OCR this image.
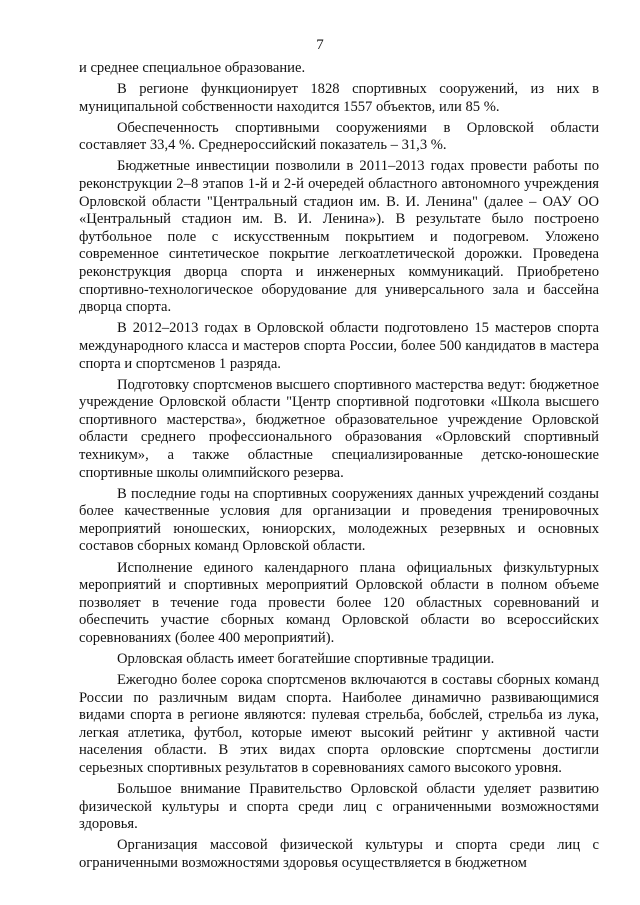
7

и среднее специальное образование.

В регионе функционирует 1828 спортивных сооружений, из них в муниципальной собственности находится 1557 объектов, или 85 %.

Обеспеченность спортивными сооружениями в Орловской области составляет 33,4 %. Среднероссийский показатель – 31,3 %.

Бюджетные инвестиции позволили в 2011–2013 годах провести работы по реконструкции 2–8 этапов 1-й и 2-й очередей областного автономного учреждения Орловской области "Центральный стадион им. В. И. Ленина" (далее – ОАУ ОО «Центральный стадион им. В. И. Ленина»). В результате было построено футбольное поле с искусственным покрытием и подогревом. Уложено современное синтетическое покрытие легкоатлетической дорожки. Проведена реконструкция дворца спорта и инженерных коммуникаций. Приобретено спортивно-технологическое оборудование для универсального зала и бассейна дворца спорта.

В 2012–2013 годах в Орловской области подготовлено 15 мастеров спорта международного класса и мастеров спорта России, более 500 кандидатов в мастера спорта и спортсменов 1 разряда.

Подготовку спортсменов высшего спортивного мастерства ведут: бюджетное учреждение Орловской области "Центр спортивной подготовки «Школа высшего спортивного мастерства», бюджетное образовательное учреждение Орловской области среднего профессионального образования «Орловский спортивный техникум», а также областные специализированные детско-юношеские спортивные школы олимпийского резерва.

В последние годы на спортивных сооружениях данных учреждений созданы более качественные условия для организации и проведения тренировочных мероприятий юношеских, юниорских, молодежных резервных и основных составов сборных команд Орловской области.

Исполнение единого календарного плана официальных физкультурных мероприятий и спортивных мероприятий Орловской области в полном объеме позволяет в течение года провести более 120 областных соревнований и обеспечить участие сборных команд Орловской области во всероссийских соревнованиях (более 400 мероприятий).

Орловская область имеет богатейшие спортивные традиции.

Ежегодно более сорока спортсменов включаются в составы сборных команд России по различным видам спорта. Наиболее динамично развивающимися видами спорта в регионе являются: пулевая стрельба, бобслей, стрельба из лука, легкая атлетика, футбол, которые имеют высокий рейтинг у активной части населения области. В этих видах спорта орловские спортсмены достигли серьезных спортивных результатов в соревнованиях самого высокого уровня.

Большое внимание Правительство Орловской области уделяет развитию физической культуры и спорта среди лиц с ограниченными возможностями здоровья.

Организация массовой физической культуры и спорта среди лиц с ограниченными возможностями здоровья осуществляется в бюджетном
